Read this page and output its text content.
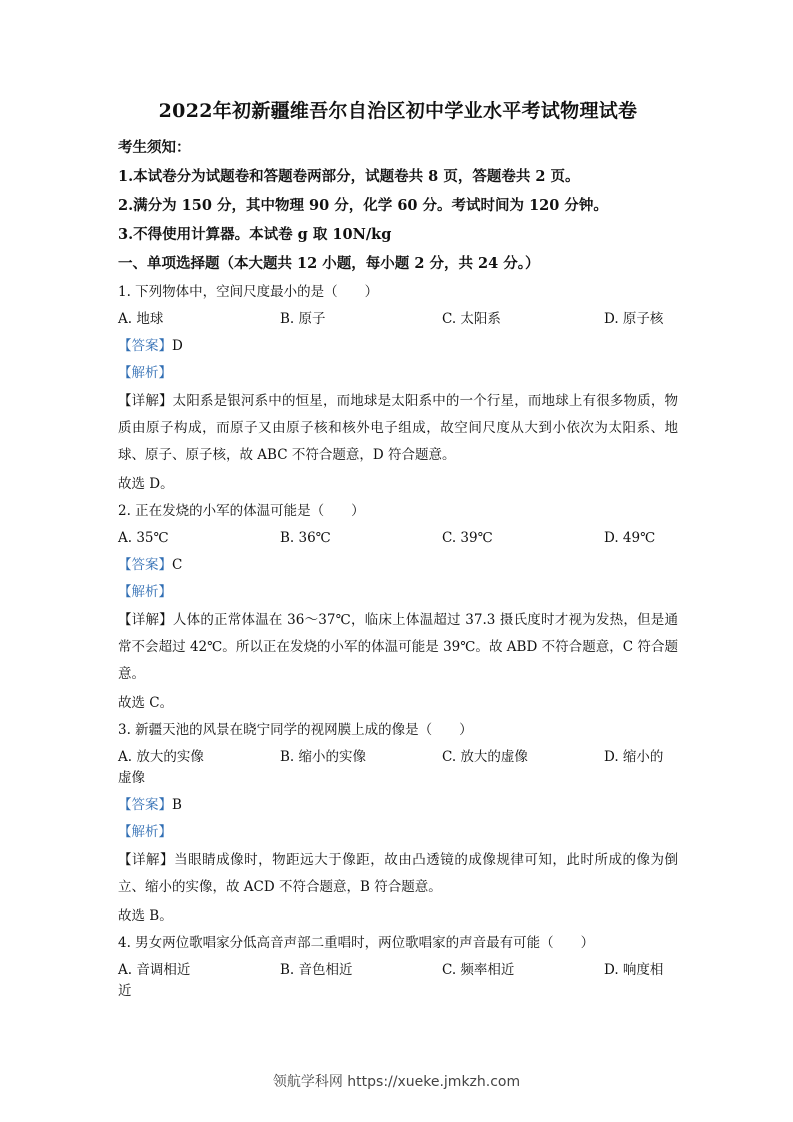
2022年初新疆维吾尔自治区初中学业水平考试物理试卷
考生须知：
1.本试卷分为试题卷和答题卷两部分，试题卷共 8 页，答题卷共 2 页。
2.满分为 150 分，其中物理 90 分，化学 60 分。考试时间为 120 分钟。
3.不得使用计算器。本试卷 g 取 10N/kg
一、单项选择题（本大题共 12 小题，每小题 2 分，共 24 分。）

1. 下列物体中，空间尺度最小的是（　　）

A. 地球	B. 原子	C. 太阳系	D. 原子核

【答案】D

【解析】

【详解】太阳系是银河系中的恒星，而地球是太阳系中的一个行星，而地球上有很多物质，物质由原子构成，而原子又由原子核和核外电子组成，故空间尺度从大到小依次为太阳系、地球、原子、原子核，故 ABC 不符合题意，D 符合题意。

故选 D。

2. 正在发烧的小军的体温可能是（　　）

A. 35℃	B. 36℃	C. 39℃	D. 49℃

【答案】C

【解析】

【详解】人体的正常体温在 36～37℃，临床上体温超过 37.3 摄氏度时才视为发热，但是通常不会超过 42℃。所以正在发烧的小军的体温可能是 39℃。故 ABD 不符合题意，C 符合题意。

故选 C。

3. 新疆天池的风景在晓宁同学的视网膜上成的像是（　　）

A. 放大的实像	B. 缩小的实像	C. 放大的虚像	D. 缩小的

虚像

【答案】B

【解析】

【详解】当眼睛成像时，物距远大于像距，故由凸透镜的成像规律可知，此时所成的像为倒立、缩小的实像，故 ACD 不符合题意，B 符合题意。

故选 B。

4. 男女两位歌唱家分低高音声部二重唱时，两位歌唱家的声音最有可能（　　）

A. 音调相近	B. 音色相近	C. 频率相近	D. 响度相

近

领航学科网 https://xueke.jmkzh.com
